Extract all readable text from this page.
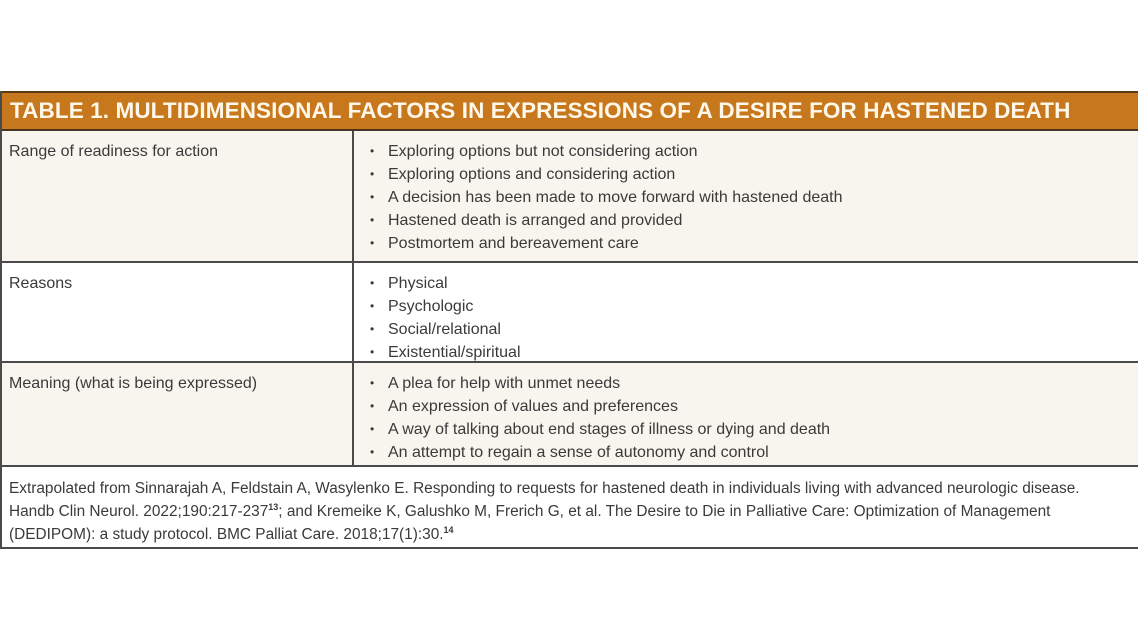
TABLE 1. MULTIDIMENSIONAL FACTORS IN EXPRESSIONS OF A DESIRE FOR HASTENED DEATH
Range of readiness for action	• Exploring options but not considering action
• Exploring options and considering action
• A decision has been made to move forward with hastened death
• Hastened death is arranged and provided
• Postmortem and bereavement care
Reasons	• Physical
• Psychologic
• Social/relational
• Existential/spiritual
Meaning (what is being expressed)	• A plea for help with unmet needs
• An expression of values and preferences
• A way of talking about end stages of illness or dying and death
• An attempt to regain a sense of autonomy and control
Extrapolated from Sinnarajah A, Feldstain A, Wasylenko E. Responding to requests for hastened death in individuals living with advanced neurologic disease. Handb Clin Neurol. $2022;190:217-237^{13}$; and Kremeike K, Galushko M, Frerich G, et al. The Desire to Die in Palliative Care: Optimization of Management (DEDIPOM): a study protocol. BMC Palliat Care. 2018;17(1):30.14
